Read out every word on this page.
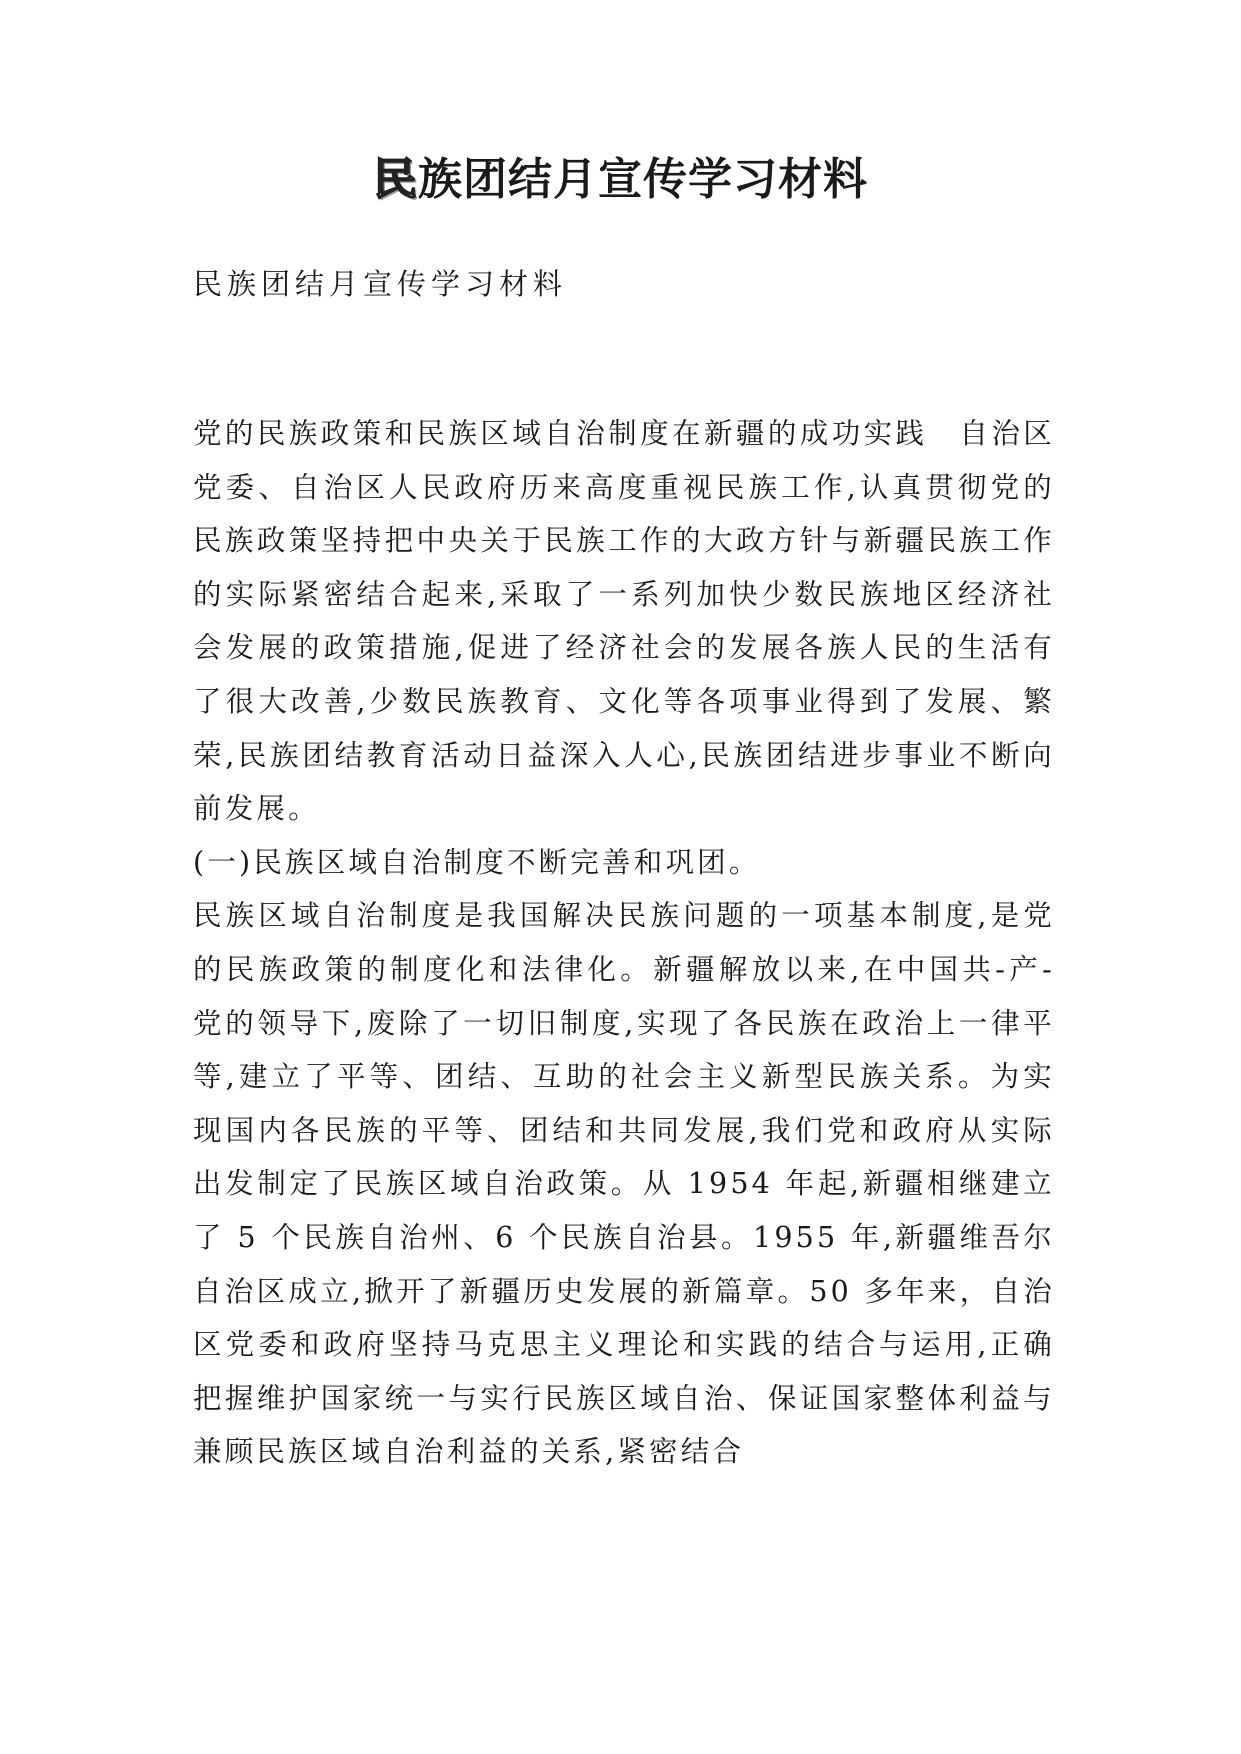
民族团结月宣传学习材料

民族团结月宣传学习材料

党的民族政策和民族区域自治制度在新疆的成功实践　自治区党委、自治区人民政府历来高度重视民族工作,认真贯彻党的民族政策坚持把中央关于民族工作的大政方针与新疆民族工作的实际紧密结合起来,采取了一系列加快少数民族地区经济社会发展的政策措施,促进了经济社会的发展各族人民的生活有了很大改善,少数民族教育、文化等各项事业得到了发展、繁荣,民族团结教育活动日益深入人心,民族团结进步事业不断向前发展。

(一)民族区域自治制度不断完善和巩团。

民族区域自治制度是我国解决民族问题的一项基本制度,是党的民族政策的制度化和法律化。新疆解放以来,在中国共-产-党的领导下,废除了一切旧制度,实现了各民族在政治上一律平等,建立了平等、团结、互助的社会主义新型民族关系。为实现国内各民族的平等、团结和共同发展,我们党和政府从实际出发制定了民族区域自治政策。从 1954 年起,新疆相继建立了 5 个民族自治州、6 个民族自治县。1955 年,新疆维吾尔自治区成立,掀开了新疆历史发展的新篇章。50 多年来，自治区党委和政府坚持马克思主义理论和实践的结合与运用,正确把握维护国家统一与实行民族区域自治、保证国家整体利益与兼顾民族区域自治利益的关系,紧密结合
